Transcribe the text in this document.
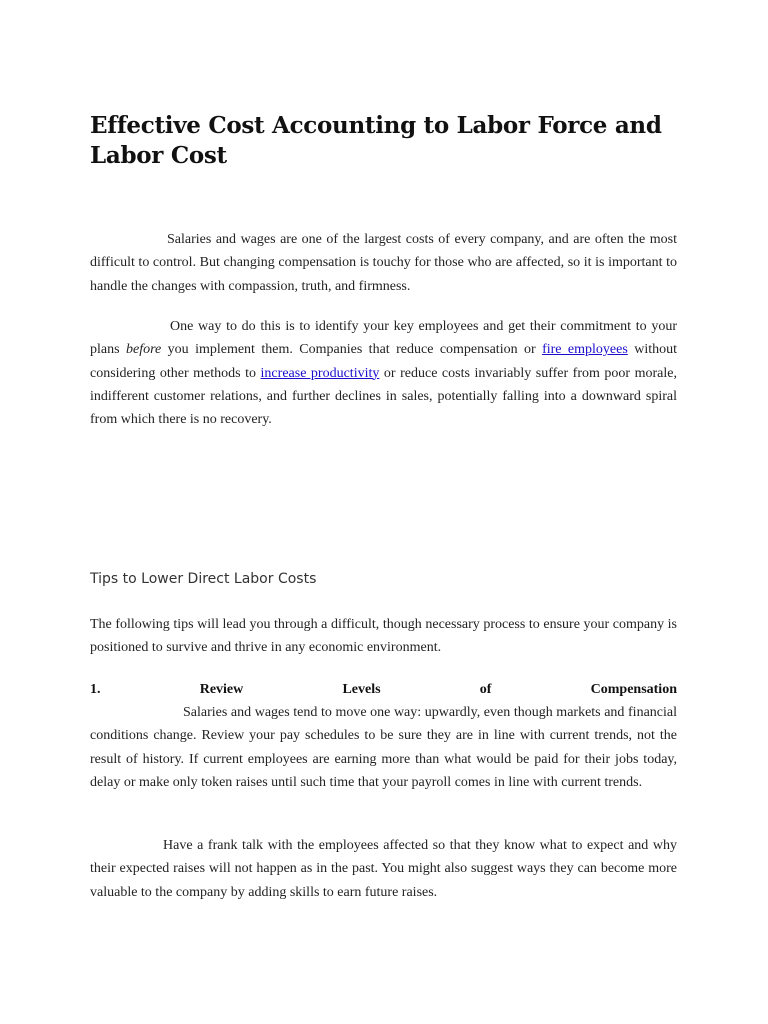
Effective Cost Accounting to Labor Force and Labor Cost

Salaries and wages are one of the largest costs of every company, and are often the most difficult to control. But changing compensation is touchy for those who are affected, so it is important to handle the changes with compassion, truth, and firmness.

One way to do this is to identify your key employees and get their commitment to your plans before you implement them. Companies that reduce compensation or fire employees without considering other methods to increase productivity or reduce costs invariably suffer from poor morale, indifferent customer relations, and further declines in sales, potentially falling into a downward spiral from which there is no recovery.

Tips to Lower Direct Labor Costs

The following tips will lead you through a difficult, though necessary process to ensure your company is positioned to survive and thrive in any economic environment.

1.	Review	Levels	of	Compensation

Salaries and wages tend to move one way: upwardly, even though markets and financial conditions change. Review your pay schedules to be sure they are in line with current trends, not the result of history. If current employees are earning more than what would be paid for their jobs today, delay or make only token raises until such time that your payroll comes in line with current trends.

Have a frank talk with the employees affected so that they know what to expect and why their expected raises will not happen as in the past. You might also suggest ways they can become more valuable to the company by adding skills to earn future raises.
